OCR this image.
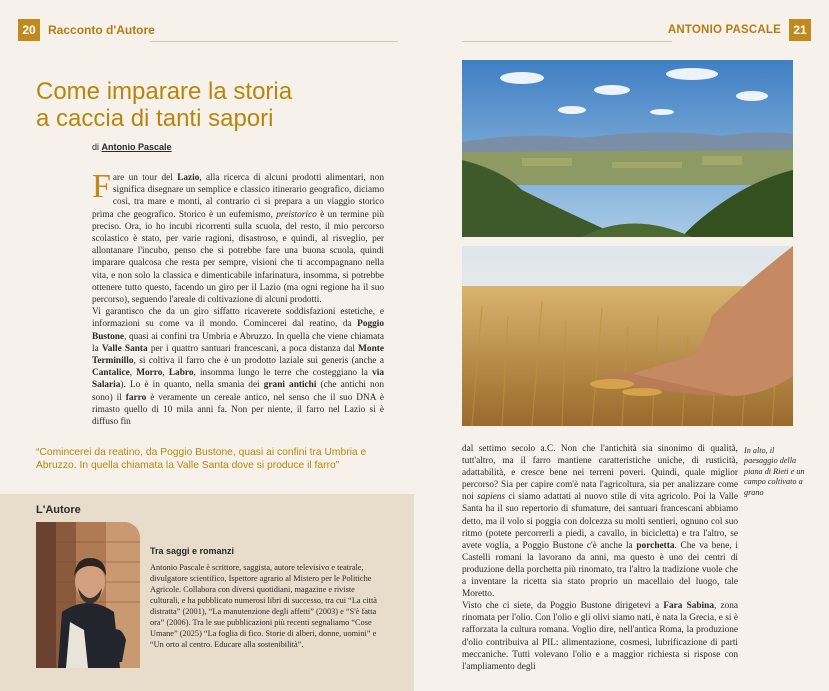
20	Racconto d'Autore	ANTONIO PASCALE	21
Come imparare la storia
a caccia di tanti sapori
di Antonio Pascale

Fare un tour del Lazio, alla ricerca di alcuni prodotti alimentari, non significa disegnare un semplice e classico itinerario geografico, diciamo così, tra mare e monti, al contrario ci si prepara a un viaggio storico prima che geografico. Storico è un eufemismo, preistorico è un termine più preciso. Ora, io ho incubi ricorrenti sulla scuola, del resto, il mio percorso scolastico è stato, per varie ragioni, disastroso, e quindi, al risveglio, per allontanare l'incubo, penso che si potrebbe fare una buona scuola, quindi imparare qualcosa che resta per sempre, visioni che ti accompagnano nella vita, e non solo la classica e dimenticabile infarinatura, insomma, si potrebbe ottenere tutto questo, facendo un giro per il Lazio (ma ogni regione ha il suo percorso), seguendo l'areale di coltivazione di alcuni prodotti.

Vi garantisco che da un giro siffatto ricaverete soddisfazioni estetiche, e informazioni su come va il mondo. Comincerei dal reatino, da Poggio Bustone, quasi ai confini tra Umbria e Abruzzo. In quella che viene chiamata la Valle Santa per i quattro santuari francescani, a poca distanza dal Monte Terminillo, si coltiva il farro che è un prodotto laziale sui generis (anche a Cantalice, Morro, Labro, insomma lungo le terre che costeggiano la via Salaria). Lo è in quanto, nella smania dei grani antichi (che antichi non sono) il farro è veramente un cereale antico, nel senso che il suo DNA è rimasto quello di 10 mila anni fa. Non per niente, il farro nel Lazio si è diffuso fin

“Comincerei da reatino, da Poggio Bustone, quasi ai confini tra Umbria e Abruzzo. In quella chiamata la Valle Santa dove si produce il farro”
L'Autore
Tra saggi e romanzi
Antonio Pascale è scrittore, saggista, autore televisivo e teatrale, divulgatore scientifico, Ispettore agrario al Mistero per le Politiche Agricole. Collabora con diversi quotidiani, magazine e riviste culturali, e ha pubblicato numerosi libri di successo, tra cui “La città distratta” (2001), “La manutenzione degli affetti” (2003) e “S'è fatta ora” (2006). Tra le sue pubblicazioni più recenti segnaliamo “Cose Umane” (2025) “La foglia di fico. Storie di alberi, donne, uomini” e “Un orto al centro. Educare alla sostenibilità”.

dal settimo secolo a.C. Non che l'antichità sia sinonimo di qualità, tutt'altro, ma il farro mantiene caratteristiche uniche, di rusticità, adattabilità, e cresce bene nei terreni poveri. Quindi, quale miglior percorso? Sia per capire com'è nata l'agricoltura, sia per analizzare come noi sapiens ci siamo adattati al nuovo stile di vita agricolo. Poi la Valle Santa ha il suo repertorio di sfumature, dei santuari francescani abbiamo detto, ma il volo si poggia con dolcezza su molti sentieri, ognuno col suo ritmo (potete percorrerli a piedi, a cavallo, in bicicletta) e tra l'altro, se avete voglia, a Poggio Bustone c'è anche la porchetta. Che va bene, i Castelli romani la lavorano da anni, ma questo è uno dei centri di produzione della porchetta più rinomato, tra l'altro la tradizione vuole che a inventare la ricetta sia stato proprio un macellaio del luogo, tale Moretto.

Visto che ci siete, da Poggio Bustone dirigetevi a Fara Sabina, zona rinomata per l'olio. Con l'olio e gli olivi siamo nati, è nata la Grecia, e si è rafforzata la cultura romana. Voglio dire, nell'antica Roma, la produzione d'olio contribuiva al PIL: alimentazione, cosmesi, lubrificazione di parti meccaniche. Tutti volevano l'olio e a maggior richiesta si rispose con l'ampliamento degli

In alto, il paesaggio della piana di Rieti e un campo coltivato a grano
